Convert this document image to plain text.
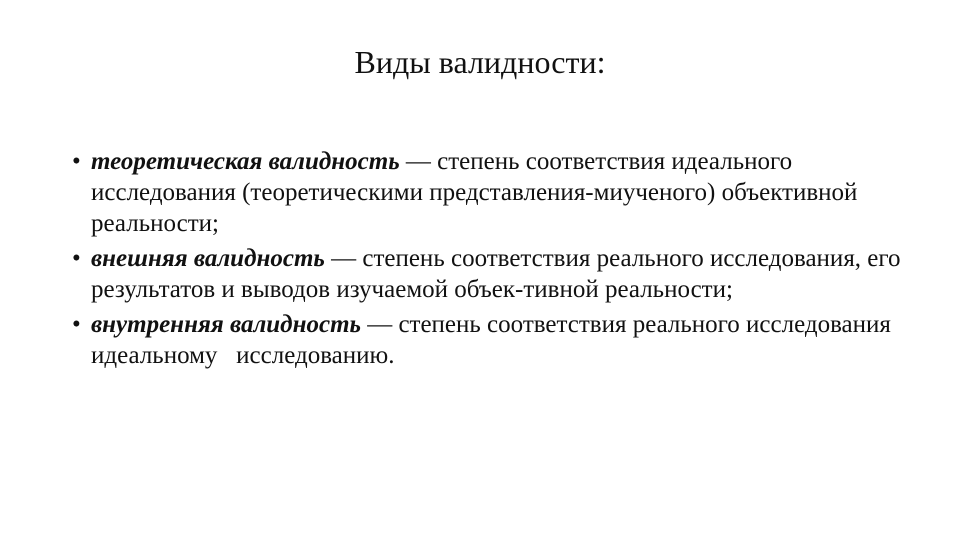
Виды валидности:
• теоретическая валидность — степень соответствия идеального исследования (теоретическими представления-миученого) объективной реальности;
• внешняя валидность — степень соответствия реального исследования, его результатов и выводов изучаемой объек-тивной реальности;
• внутренняя валидность — степень соответствия реального исследования   идеальному   исследованию.
